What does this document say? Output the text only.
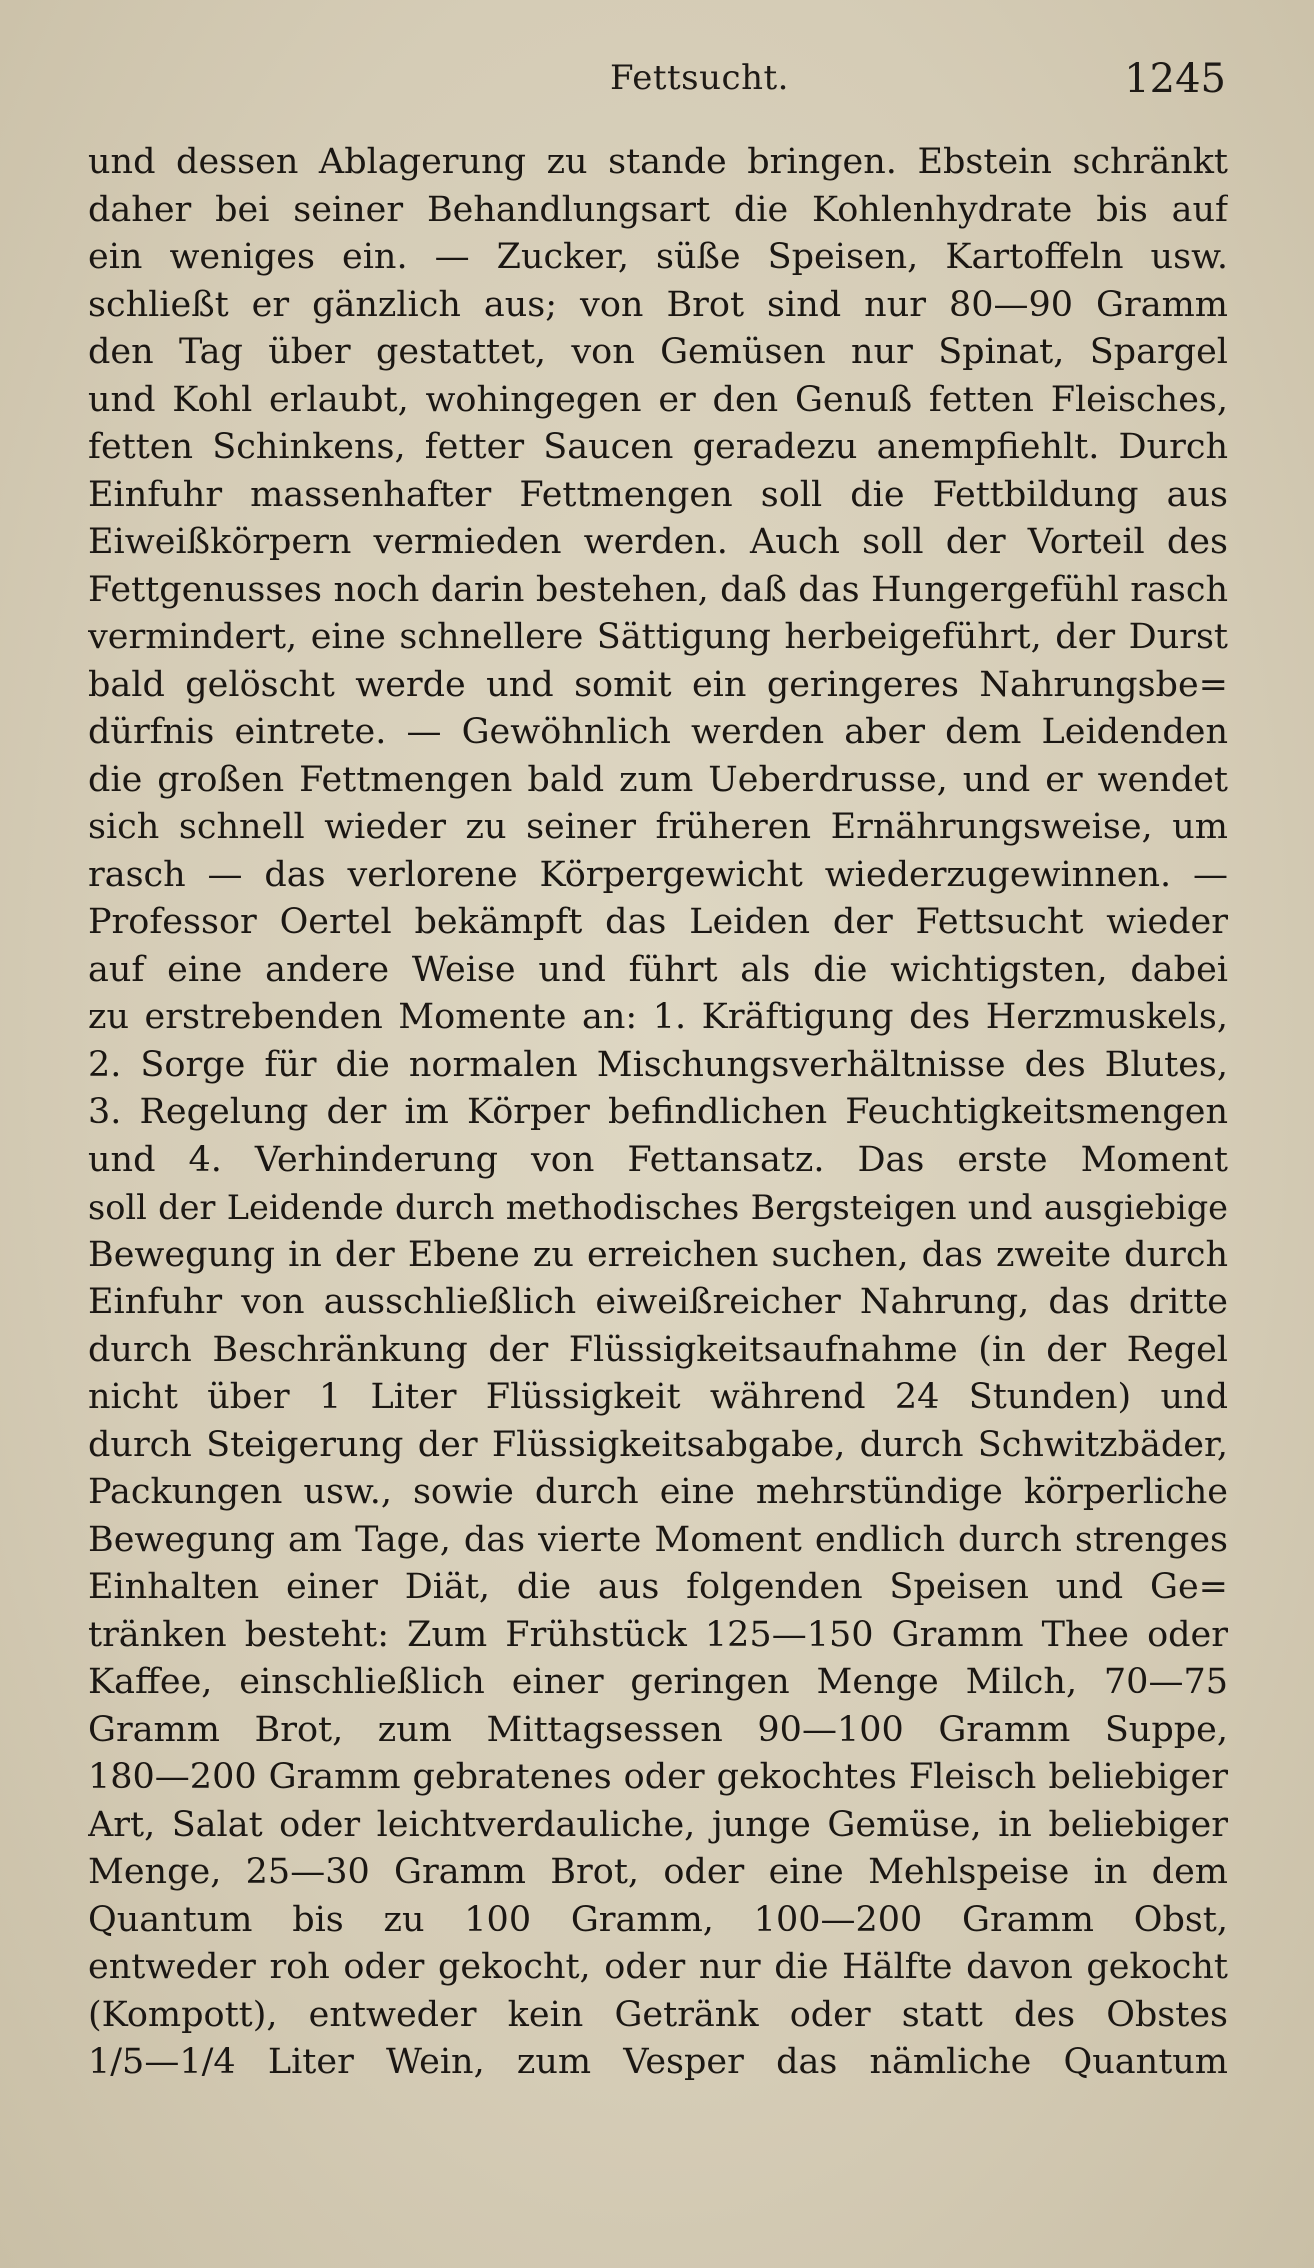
Fettsucht.	1245
und dessen Ablagerung zu stande bringen. Ebstein schränkt
daher bei seiner Behandlungsart die Kohlenhydrate bis auf
ein weniges ein. — Zucker, süße Speisen, Kartoffeln usw.
schließt er gänzlich aus; von Brot sind nur 80—90 Gramm
den Tag über gestattet, von Gemüsen nur Spinat, Spargel
und Kohl erlaubt, wohingegen er den Genuß fetten Fleisches,
fetten Schinkens, fetter Saucen geradezu anempfiehlt. Durch
Einfuhr massenhafter Fettmengen soll die Fettbildung aus
Eiweißkörpern vermieden werden. Auch soll der Vorteil des
Fettgenusses noch darin bestehen, daß das Hungergefühl rasch
vermindert, eine schnellere Sättigung herbeigeführt, der Durst
bald gelöscht werde und somit ein geringeres Nahrungsbe=
dürfnis eintrete. — Gewöhnlich werden aber dem Leidenden
die großen Fettmengen bald zum Ueberdrusse, und er wendet
sich schnell wieder zu seiner früheren Ernährungsweise, um
rasch — das verlorene Körpergewicht wiederzugewinnen. —
Professor Oertel bekämpft das Leiden der Fettsucht wieder
auf eine andere Weise und führt als die wichtigsten, dabei
zu erstrebenden Momente an: 1. Kräftigung des Herzmuskels,
2. Sorge für die normalen Mischungsverhältnisse des Blutes,
3. Regelung der im Körper befindlichen Feuchtigkeitsmengen
und 4. Verhinderung von Fettansatz. Das erste Moment
soll der Leidende durch methodisches Bergsteigen und ausgiebige
Bewegung in der Ebene zu erreichen suchen, das zweite durch
Einfuhr von ausschließlich eiweißreicher Nahrung, das dritte
durch Beschränkung der Flüssigkeitsaufnahme (in der Regel
nicht über 1 Liter Flüssigkeit während 24 Stunden) und
durch Steigerung der Flüssigkeitsabgabe, durch Schwitzbäder,
Packungen usw., sowie durch eine mehrstündige körperliche
Bewegung am Tage, das vierte Moment endlich durch strenges
Einhalten einer Diät, die aus folgenden Speisen und Ge=
tränken besteht: Zum Frühstück 125—150 Gramm Thee oder
Kaffee, einschließlich einer geringen Menge Milch, 70—75
Gramm Brot, zum Mittagsessen 90—100 Gramm Suppe,
180—200 Gramm gebratenes oder gekochtes Fleisch beliebiger
Art, Salat oder leichtverdauliche, junge Gemüse, in beliebiger
Menge, 25—30 Gramm Brot, oder eine Mehlspeise in dem
Quantum bis zu 100 Gramm, 100—200 Gramm Obst,
entweder roh oder gekocht, oder nur die Hälfte davon gekocht
(Kompott), entweder kein Getränk oder statt des Obstes
1/5—1/4 Liter Wein, zum Vesper das nämliche Quantum
